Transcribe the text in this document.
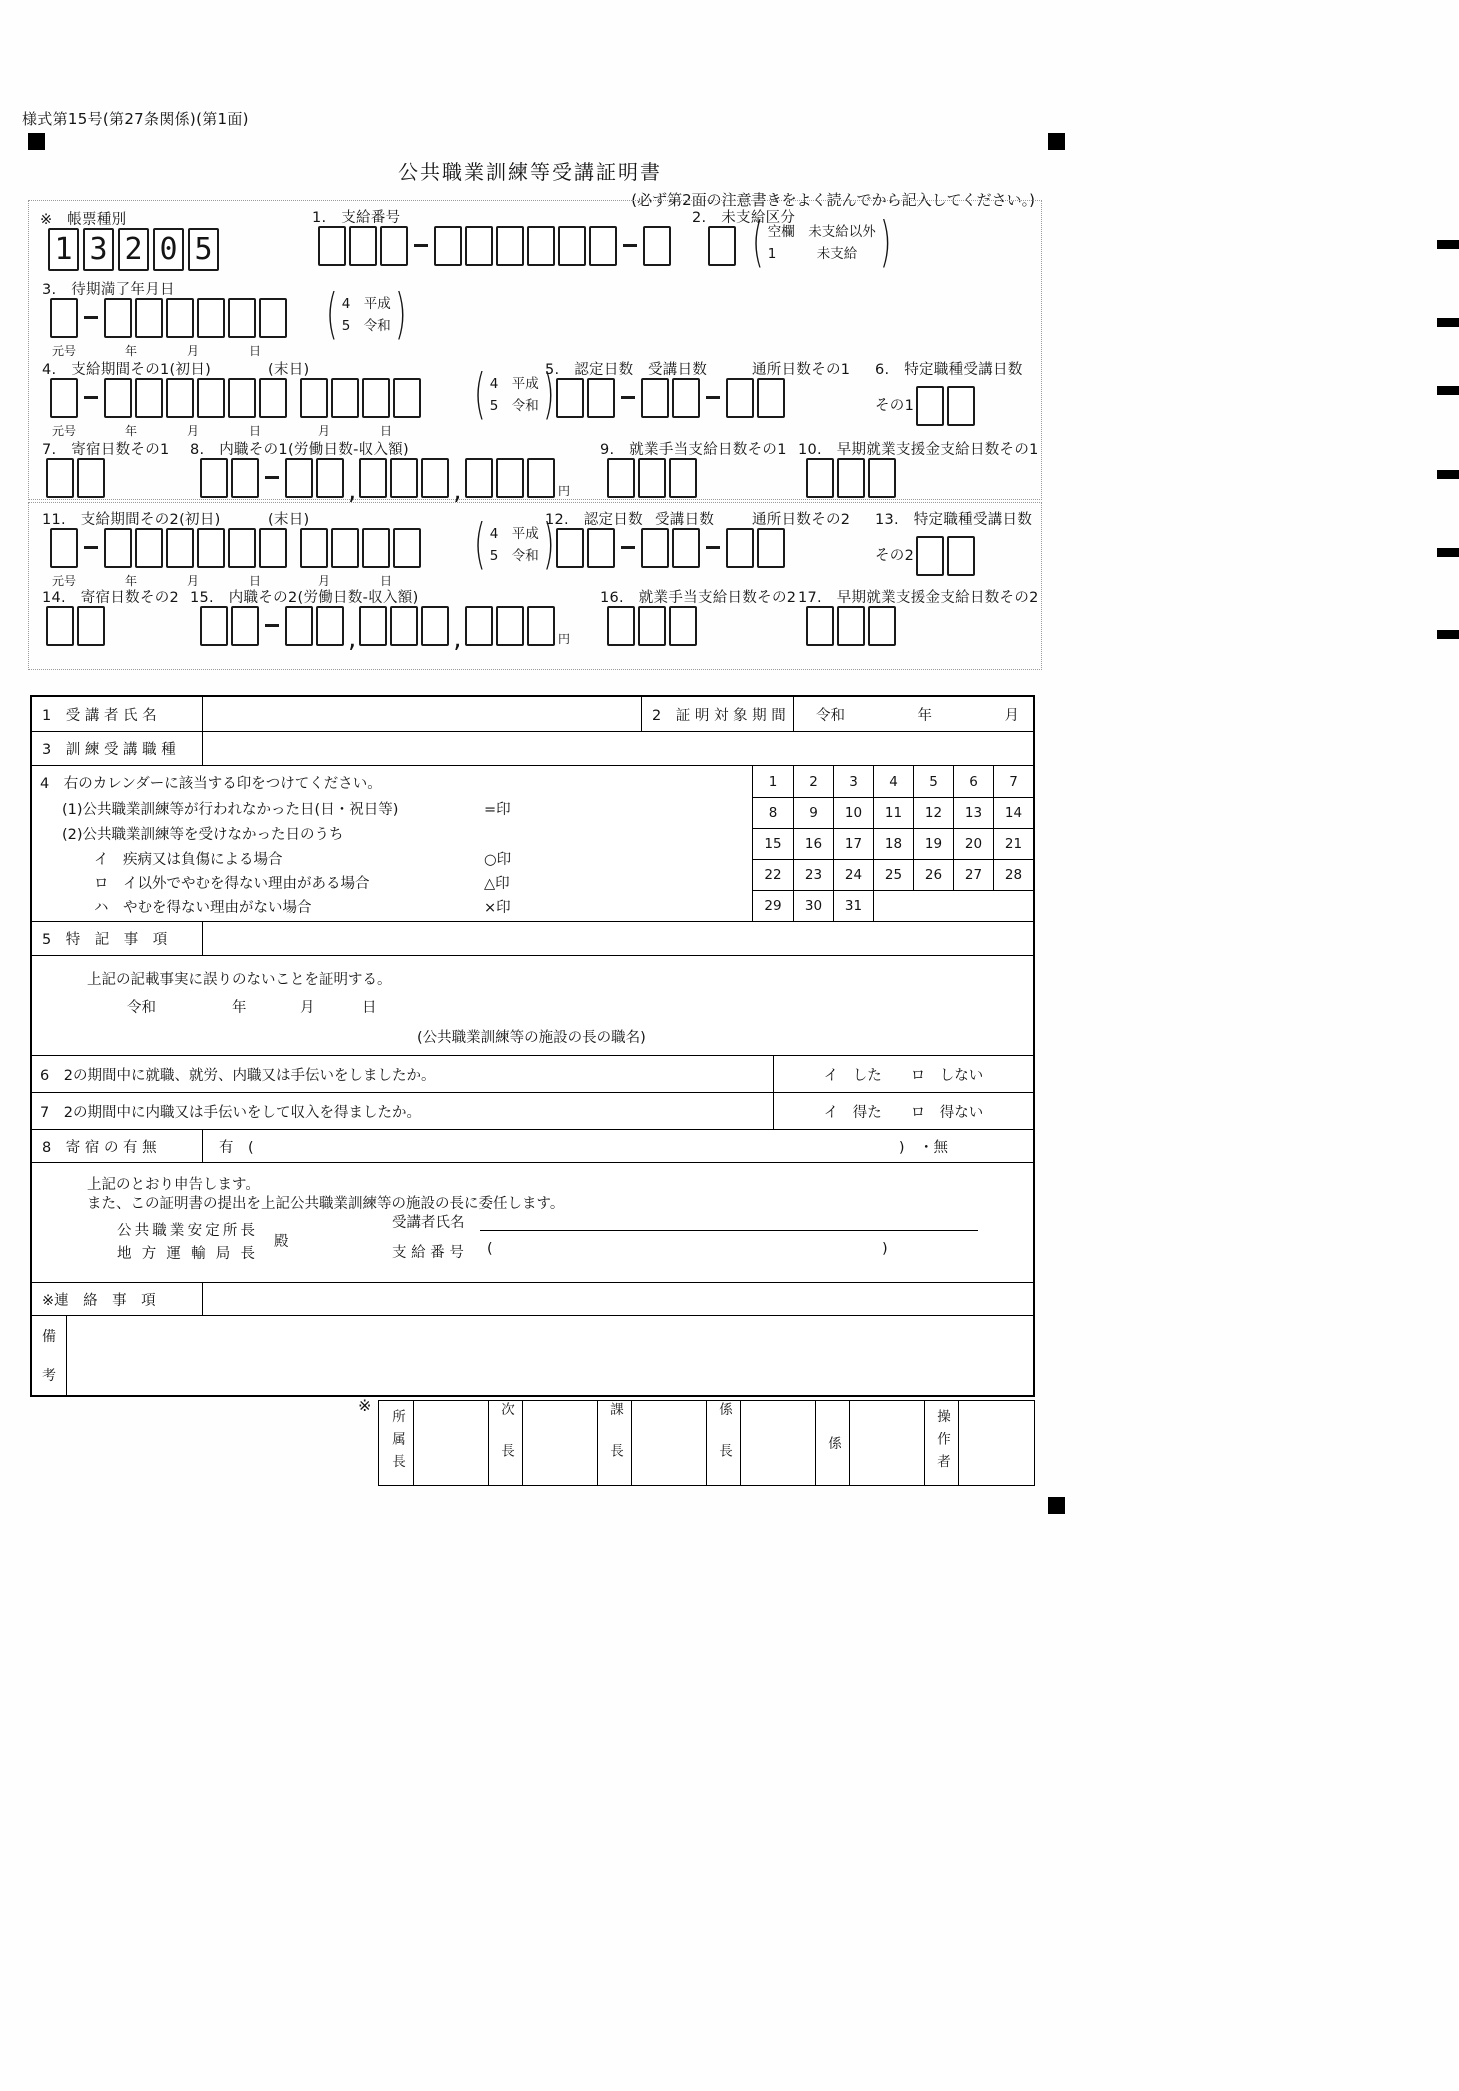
様式第15号(第27条関係)(第1面)
公共職業訓練等受講証明書
(必ず第2面の注意書きをよく読んでから記入してください。)
※　帳票種別
1 3 2 0 5
1.　支給番号	2.　未支給区分
( 空欄　未支給以外
1　　　未支給 )
3.　待期満了年月日	( 4　平成
5　令和 )
元号	年	月	日
4.　支給期間その1(初日)	(末日)
元号	年	月	日	月	日
( 4　平成
5　令和 )
5.　認定日数 受講日数	通所日数その1 6.　特定職種受講日数
その1
7.　寄宿日数その1 8.　内職その1(労働日数-収入額)
,	,	円
9.　就業手当支給日数その1 10.　早期就業支援金支給日数その1
11.　支給期間その2(初日)	(末日)
元号	年	月	日	月	日
( 4　平成
5　令和 )
12.　認定日数 受講日数	通所日数その2 13.　特定職種受講日数
その2
14.　寄宿日数その2 15.　内職その2(労働日数-収入額)
,	,	円
16.　就業手当支給日数その2 17.　早期就業支援金支給日数その2
1　受 講 者 氏 名	2　証 明 対 象 期 間 令和	年	月
3　訓 練 受 講 職 種
4　右のカレンダーに該当する印をつけてください。
(1)公共職業訓練等が行われなかった日(日・祝日等)	=印
(2)公共職業訓練等を受けなかった日のうち
イ　疾病又は負傷による場合	○印
ロ　イ以外でやむを得ない理由がある場合	△印
ハ　やむを得ない理由がない場合	×印
1	2	3	4	5	6	7
8	9	10	11	12	13	14
15	16	17	18	19	20	21
22	23	24	25	26	27	28
29	30	31
5　特　記　事　項
上記の記載事実に誤りのないことを証明する。
令和	年	月	日
(公共職業訓練等の施設の長の職名)
6　2の期間中に就職、就労、内職又は手伝いをしましたか。	イ　した　　ロ　しない
7　2の期間中に内職又は手伝いをして収入を得ましたか。	イ　得た　　ロ　得ない
8　寄 宿 の 有 無	有　(	)　・無
上記のとおり申告します。
また、この証明書の提出を上記公共職業訓練等の施設の長に委任します。
公共職業安定所長
地方運輸局長
殿
受講者氏名
支 給 番 号 (	)
※連　絡　事　項
備
考
※
所属長	次長	課長	係長	係	操作者
